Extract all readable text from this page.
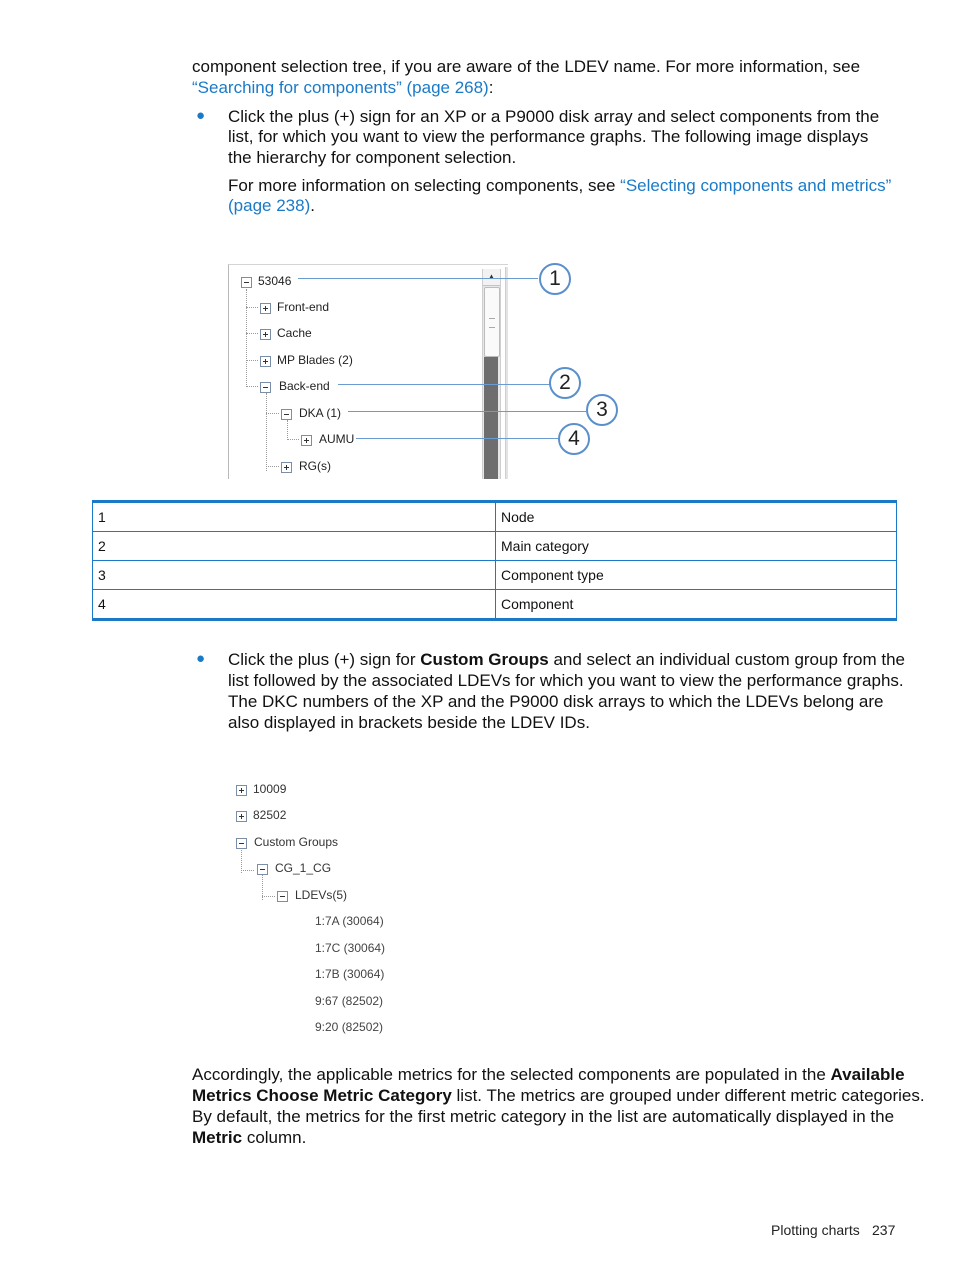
component selection tree, if you are aware of the LDEV name. For more information, see
“Searching for components” (page 268):
● Click the plus (+) sign for an XP or a P9000 disk array and select components from the
list, for which you want to view the performance graphs. The following image displays
the hierarchy for component selection.
For more information on selecting components, see “Selecting components and metrics”
(page 238).
53046
Front-end
Cache
MP Blades (2)
Back-end
DKA (1)
AUMU
RG(s)
▲	1
2
3
4
1	Node
2	Main category
3	Component type
4	Component
● Click the plus (+) sign for Custom Groups and select an individual custom group from the
list followed by the associated LDEVs for which you want to view the performance graphs.
The DKC numbers of the XP and the P9000 disk arrays to which the LDEVs belong are
also displayed in brackets beside the LDEV IDs.
10009
82502
Custom Groups
CG_1_CG
LDEVs(5)
1:7A (30064)
1:7C (30064)
1:7B (30064)
9:67 (82502)
9:20 (82502)
Accordingly, the applicable metrics for the selected components are populated in the Available
Metrics Choose Metric Category list. The metrics are grouped under different metric categories.
By default, the metrics for the first metric category in the list are automatically displayed in the
Metric column.
Plotting charts 237
